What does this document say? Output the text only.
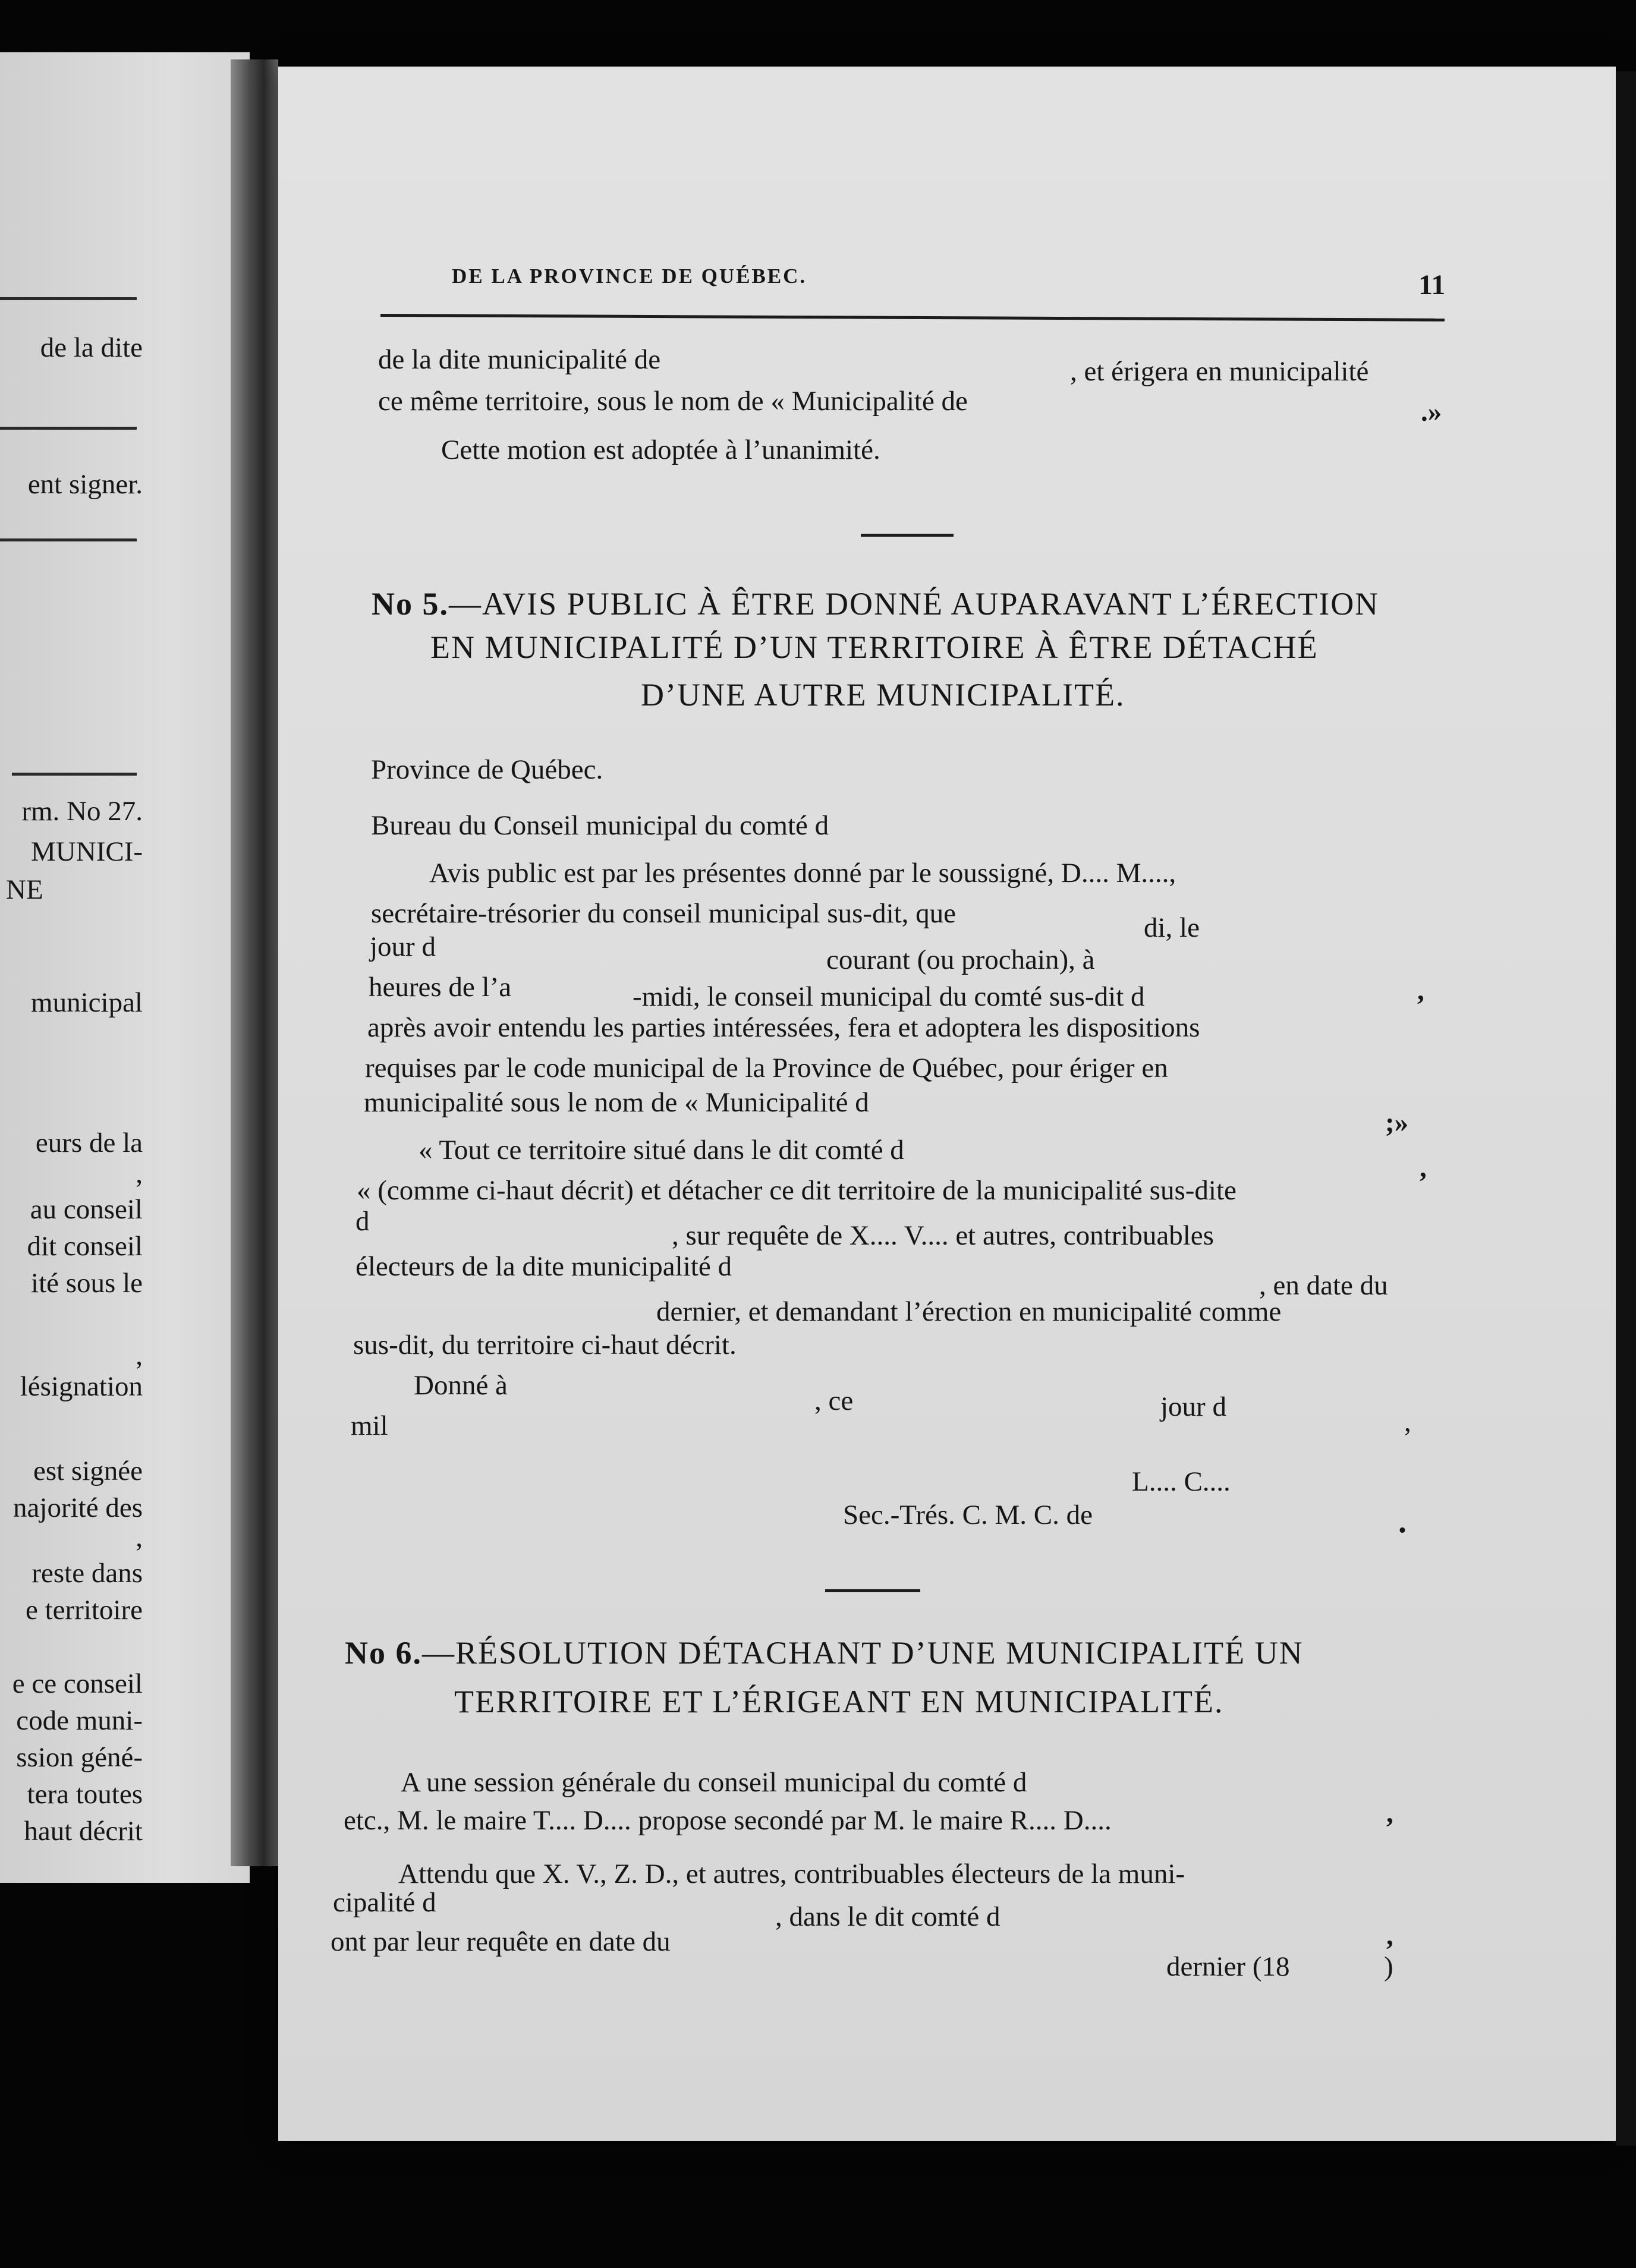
de la dite
ent signer.
rm. No 27.
MUNICI-
NE
municipal
eurs de la
,
au conseil
dit conseil
ité sous le
,
lésignation
est signée
najorité des
,
reste dans
e territoire
e ce conseil
code muni-
ssion géné-
tera toutes
haut décrit
DE LA PROVINCE DE QUÉBEC.	11
de la dite municipalité de	, et érigera en municipalité
ce même territoire, sous le nom de « Municipalité de	.»
Cette motion est adoptée à l’unanimité.
No 5.—AVIS PUBLIC À ÊTRE DONNÉ AUPARAVANT L’ÉRECTION
EN MUNICIPALITÉ D’UN TERRITOIRE À ÊTRE DÉTACHÉ
D’UNE AUTRE MUNICIPALITÉ.
Province de Québec.
Bureau du Conseil municipal du comté d
Avis public est par les présentes donné par le soussigné, D.... M....,
secrétaire-trésorier du conseil municipal sus-dit, que	di, le
jour d	courant (ou prochain), à
heures de l’a	-midi, le conseil municipal du comté sus-dit d	,
après avoir entendu les parties intéressées, fera et adoptera les dispositions
requises par le code municipal de la Province de Québec, pour ériger en
municipalité sous le nom de « Municipalité d
;»
« Tout ce territoire situé dans le dit comté d
,
« (comme ci-haut décrit) et détacher ce dit territoire de la municipalité sus-dite
d	, sur requête de X.... V.... et autres, contribuables
électeurs de la dite municipalité d
, en date du
dernier, et demandant l’érection en municipalité comme
sus-dit, du territoire ci-haut décrit.
Donné à	, ce	jour d
mil	,
L.... C....
Sec.-Trés. C. M. C. de	.
No 6.—RÉSOLUTION DÉTACHANT D’UNE MUNICIPALITÉ UN
TERRITOIRE ET L’ÉRIGEANT EN MUNICIPALITÉ.
A une session générale du conseil municipal du comté d
etc., M. le maire T.... D.... propose secondé par M. le maire R.... D....	,
Attendu que X. V., Z. D., et autres, contribuables électeurs de la muni-
cipalité d	, dans le dit comté d
,
ont par leur requête en date du
dernier (18	)
